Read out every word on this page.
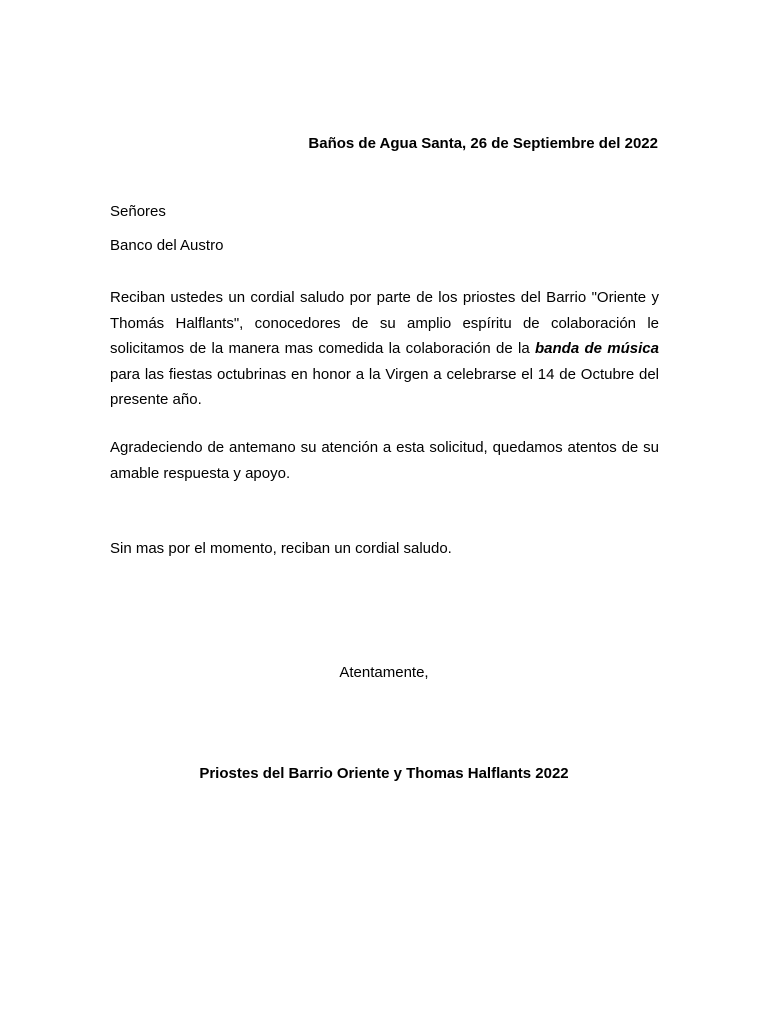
Baños de Agua Santa, 26 de Septiembre del 2022
Señores
Banco del Austro

Reciban ustedes un cordial saludo por parte de los priostes del Barrio "Oriente y Thomás Halflants", conocedores de su amplio espíritu de colaboración le solicitamos de la manera mas comedida la colaboración de la banda de música para las fiestas octubrinas en honor a la Virgen a celebrarse el 14 de Octubre del presente año.

Agradeciendo de antemano su atención a esta solicitud, quedamos atentos de su amable respuesta y apoyo.

Sin mas por el momento, reciban un cordial saludo.
Atentamente,
Priostes del Barrio Oriente y Thomas Halflants 2022
